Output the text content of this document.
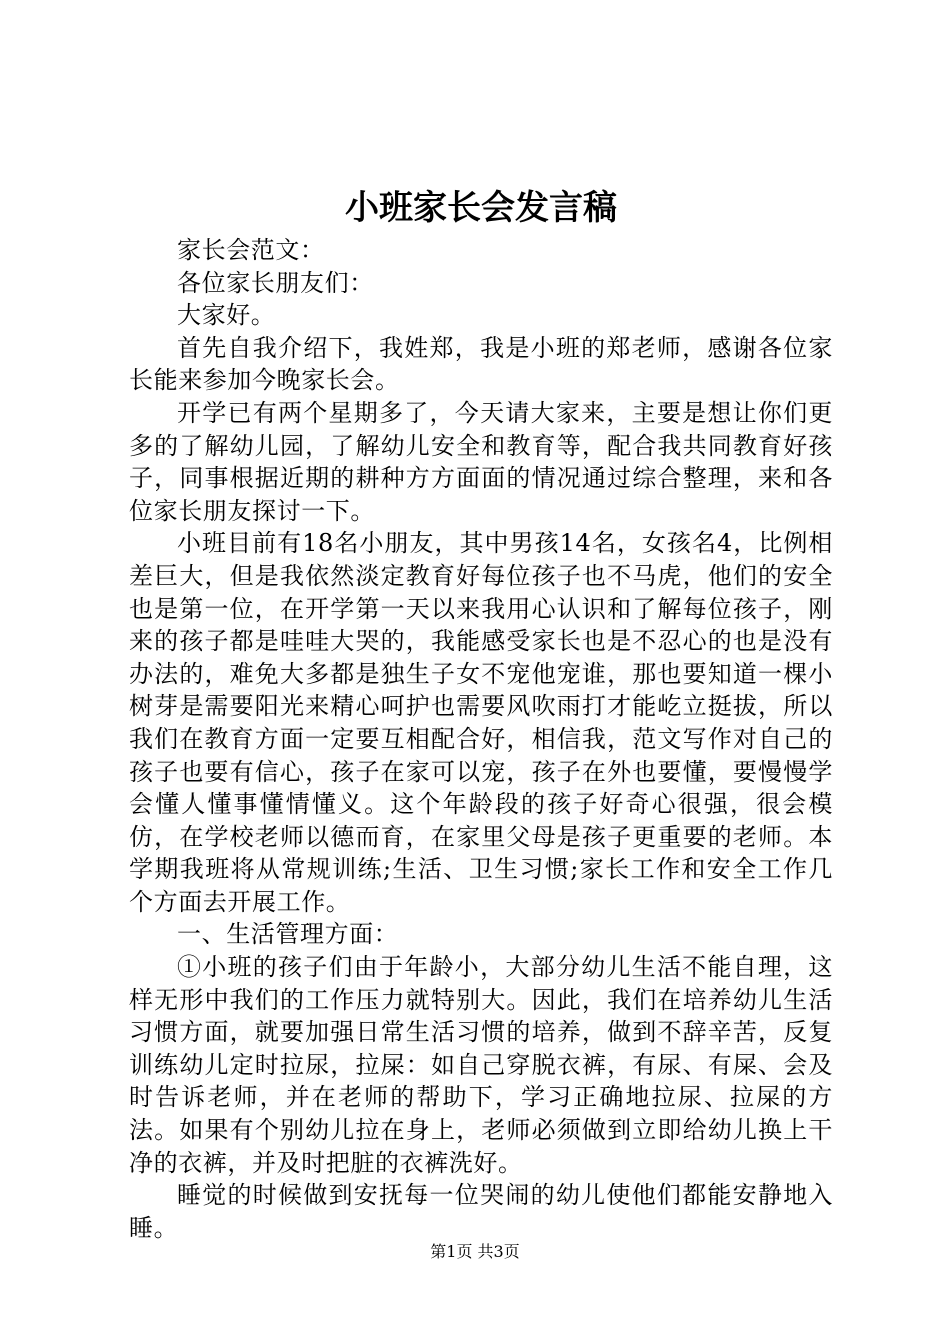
小班家长会发言稿

家长会范文：

各位家长朋友们：

大家好。

首先自我介绍下，我姓郑，我是小班的郑老师，感谢各位家长能来参加今晚家长会。

开学已有两个星期多了，今天请大家来，主要是想让你们更多的了解幼儿园，了解幼儿安全和教育等，配合我共同教育好孩子，同事根据近期的耕种方方面面的情况通过综合整理，来和各位家长朋友探讨一下。

小班目前有18名小朋友，其中男孩14名，女孩名4，比例相差巨大，但是我依然淡定教育好每位孩子也不马虎，他们的安全也是第一位，在开学第一天以来我用心认识和了解每位孩子，刚来的孩子都是哇哇大哭的，我能感受家长也是不忍心的也是没有办法的，难免大多都是独生子女不宠他宠谁，那也要知道一棵小树芽是需要阳光来精心呵护也需要风吹雨打才能屹立挺拔，所以我们在教育方面一定要互相配合好，相信我，范文写作对自己的孩子也要有信心，孩子在家可以宠，孩子在外也要懂，要慢慢学会懂人懂事懂情懂义。这个年龄段的孩子好奇心很强，很会模仿，在学校老师以德而育，在家里父母是孩子更重要的老师。本学期我班将从常规训练;生活、卫生习惯;家长工作和安全工作几个方面去开展工作。

一、生活管理方面：

①小班的孩子们由于年龄小，大部分幼儿生活不能自理，这样无形中我们的工作压力就特别大。因此，我们在培养幼儿生活习惯方面，就要加强日常生活习惯的培养，做到不辞辛苦，反复训练幼儿定时拉尿，拉屎：如自己穿脱衣裤，有尿、有屎、会及时告诉老师，并在老师的帮助下，学习正确地拉尿、拉屎的方法。如果有个别幼儿拉在身上，老师必须做到立即给幼儿换上干净的衣裤，并及时把脏的衣裤洗好。

睡觉的时候做到安抚每一位哭闹的幼儿使他们都能安静地入睡。

第1页 共3页
